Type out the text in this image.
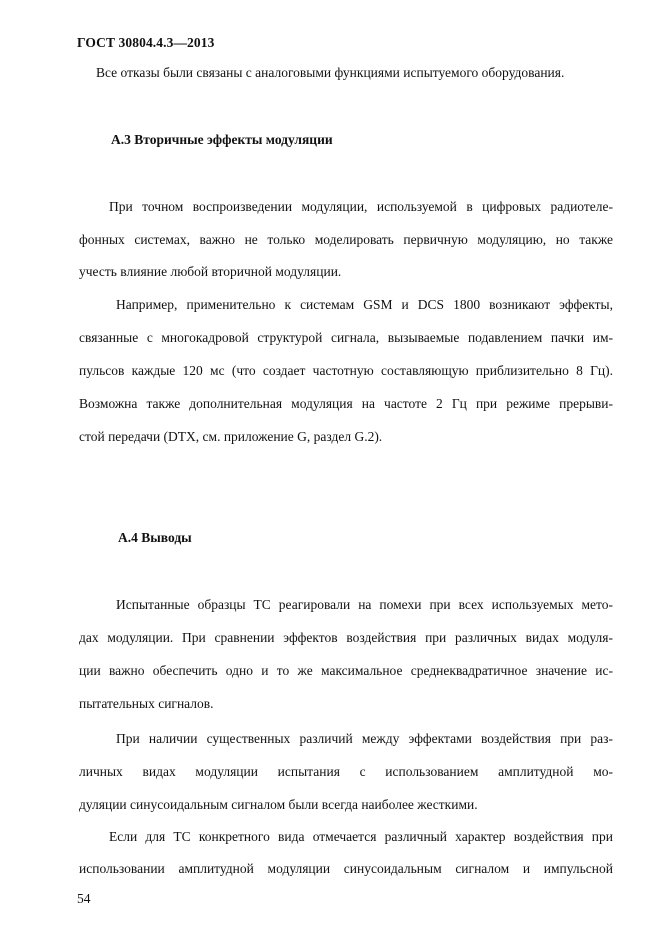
ГОСТ 30804.4.3—2013
Все отказы были связаны с аналоговыми функциями испытуемого оборудования.
А.3 Вторичные эффекты модуляции
При точном воспроизведении модуляции, используемой в цифровых радиотеле-
фонных системах, важно не только моделировать первичную модуляцию, но также
учесть влияние любой вторичной модуляции.
Например, применительно к системам GSM и DCS 1800 возникают эффекты,
связанные с многокадровой структурой сигнала, вызываемые подавлением пачки им-
пульсов каждые 120 мс (что создает частотную составляющую приблизительно 8 Гц).
Возможна также дополнительная модуляция на частоте 2 Гц при режиме прерыви-
стой передачи (DTX, см. приложение G, раздел G.2).
А.4 Выводы
Испытанные образцы ТС реагировали на помехи при всех используемых мето-
дах модуляции. При сравнении эффектов воздействия при различных видах модуля-
ции важно обеспечить одно и то же максимальное среднеквадратичное значение ис-
пытательных сигналов.
При наличии существенных различий между эффектами воздействия при раз-
личных видах модуляции испытания с использованием амплитудной мо-
дуляции синусоидальным сигналом были всегда наиболее жесткими.
Если для ТС конкретного вида отмечается различный характер воздействия при
использовании амплитудной модуляции синусоидальным сигналом и импульсной
54
